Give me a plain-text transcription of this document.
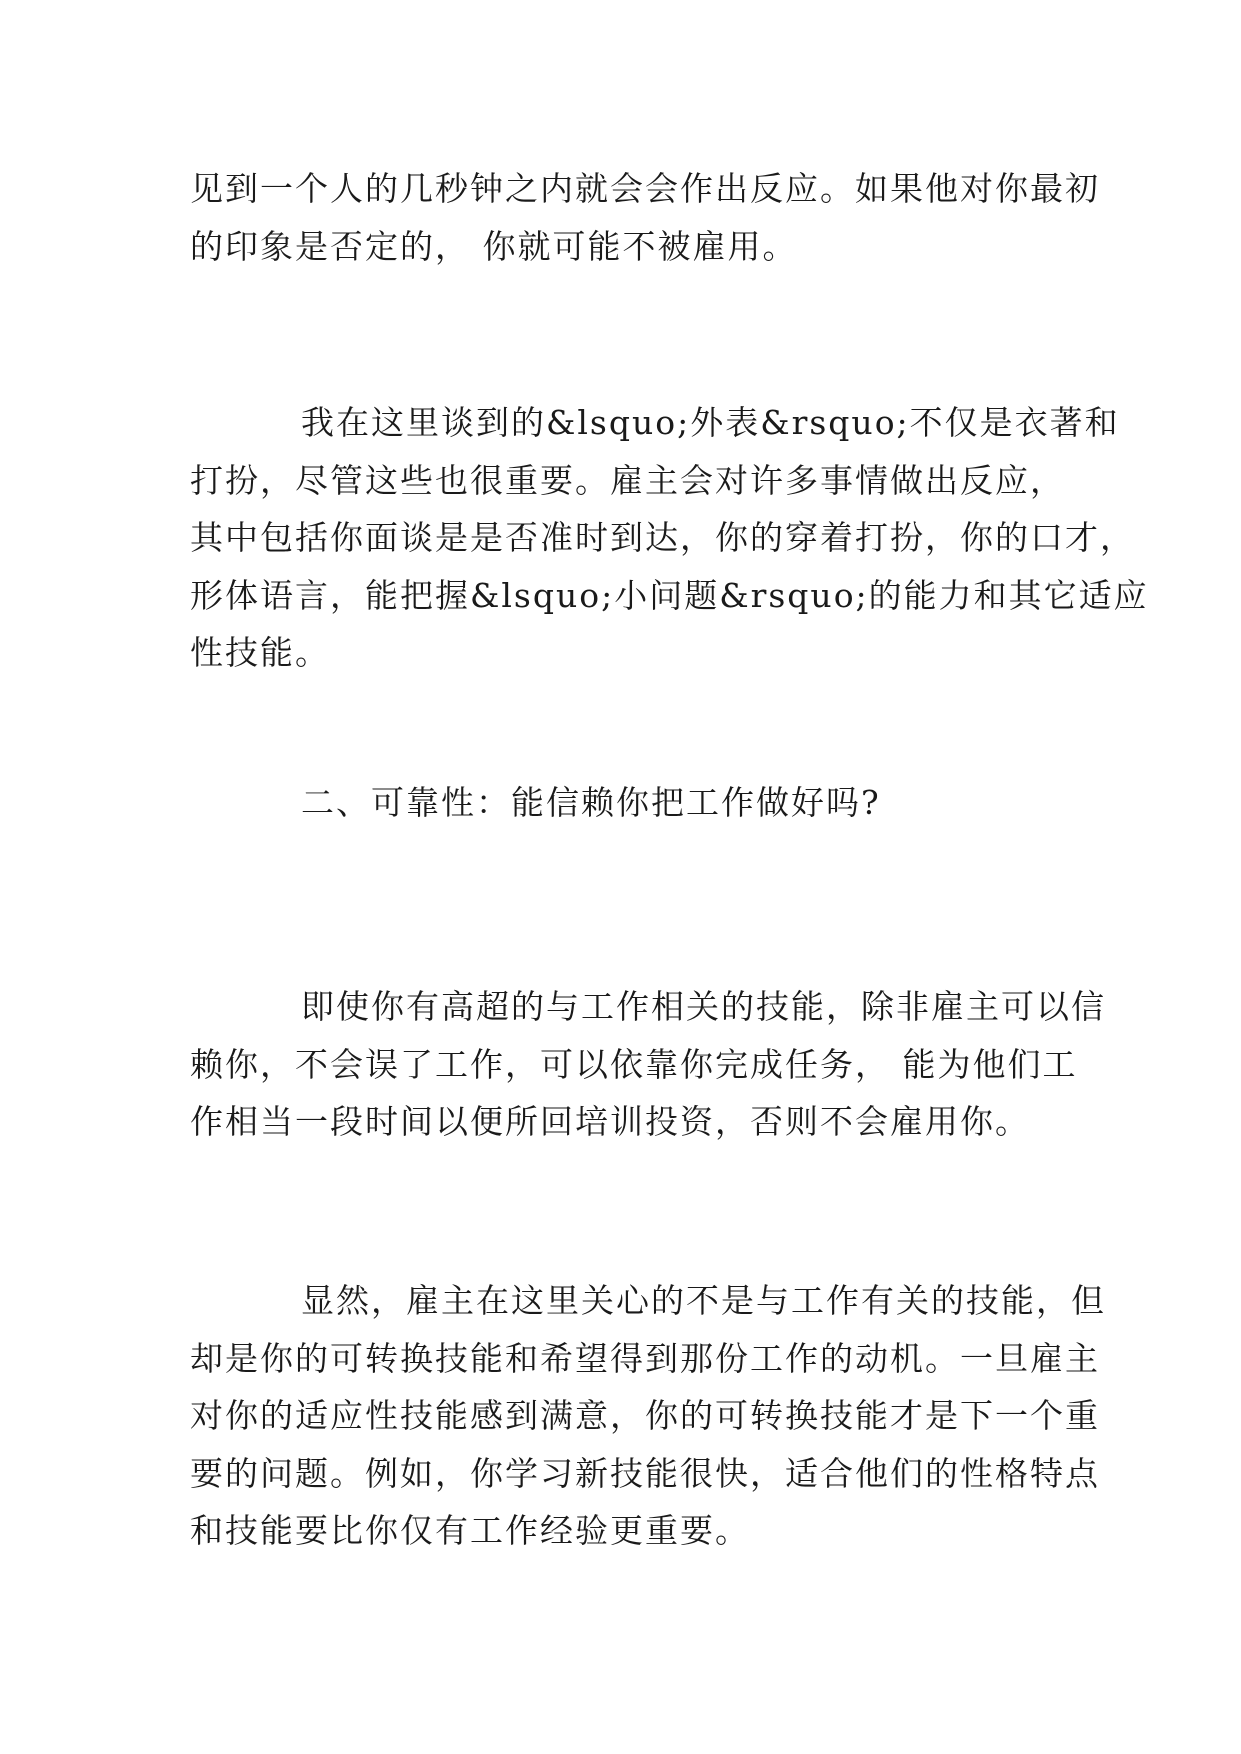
见到一个人的几秒钟之内就会会作出反应。如果他对你最初
的印象是否定的， 你就可能不被雇用。

我在这里谈到的&lsquo;外表&rsquo;不仅是衣著和
打扮，尽管这些也很重要。雇主会对许多事情做出反应，
其中包括你面谈是是否准时到达，你的穿着打扮，你的口才，
形体语言，能把握&lsquo;小问题&rsquo;的能力和其它适应
性技能。

二、可靠性：能信赖你把工作做好吗?

即使你有高超的与工作相关的技能，除非雇主可以信
赖你，不会误了工作，可以依靠你完成任务， 能为他们工
作相当一段时间以便所回培训投资，否则不会雇用你。

显然，雇主在这里关心的不是与工作有关的技能，但
却是你的可转换技能和希望得到那份工作的动机。一旦雇主
对你的适应性技能感到满意，你的可转换技能才是下一个重
要的问题。例如，你学习新技能很快，适合他们的性格特点
和技能要比你仅有工作经验更重要。
